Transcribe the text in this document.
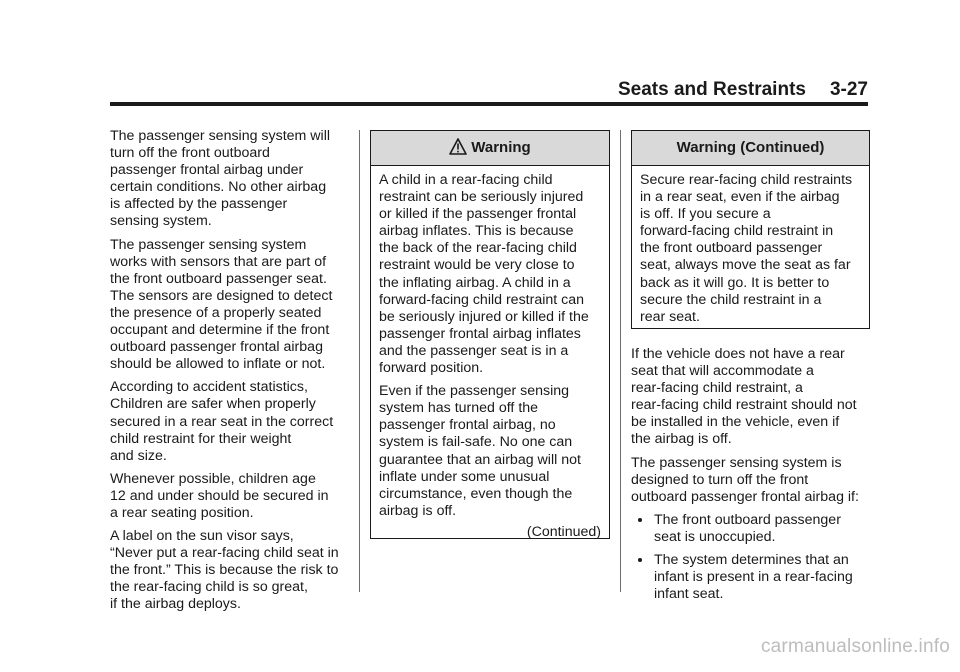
Seats and Restraints 3-27

The passenger sensing system will
turn off the front outboard
passenger frontal airbag under
certain conditions. No other airbag
is affected by the passenger
sensing system.

The passenger sensing system
works with sensors that are part of
the front outboard passenger seat.
The sensors are designed to detect
the presence of a properly seated
occupant and determine if the front
outboard passenger frontal airbag
should be allowed to inflate or not.

According to accident statistics,
Children are safer when properly
secured in a rear seat in the correct
child restraint for their weight
and size.

Whenever possible, children age
12 and under should be secured in
a rear seating position.

A label on the sun visor says,
“Never put a rear-facing child seat in
the front.” This is because the risk to
the rear-facing child is so great,
if the airbag deploys.

Warning

A child in a rear-facing child
restraint can be seriously injured
or killed if the passenger frontal
airbag inflates. This is because
the back of the rear-facing child
restraint would be very close to
the inflating airbag. A child in a
forward-facing child restraint can
be seriously injured or killed if the
passenger frontal airbag inflates
and the passenger seat is in a
forward position.

Even if the passenger sensing
system has turned off the
passenger frontal airbag, no
system is fail-safe. No one can
guarantee that an airbag will not
inflate under some unusual
circumstance, even though the
airbag is off.

(Continued)
Warning (Continued)

Secure rear-facing child restraints
in a rear seat, even if the airbag
is off. If you secure a
forward-facing child restraint in
the front outboard passenger
seat, always move the seat as far
back as it will go. It is better to
secure the child restraint in a
rear seat.

If the vehicle does not have a rear
seat that will accommodate a
rear-facing child restraint, a
rear-facing child restraint should not
be installed in the vehicle, even if
the airbag is off.

The passenger sensing system is
designed to turn off the front
outboard passenger frontal airbag if:

The front outboard passenger
seat is unoccupied.
The system determines that an
infant is present in a rear-facing
infant seat.
carmanualsonline.info
